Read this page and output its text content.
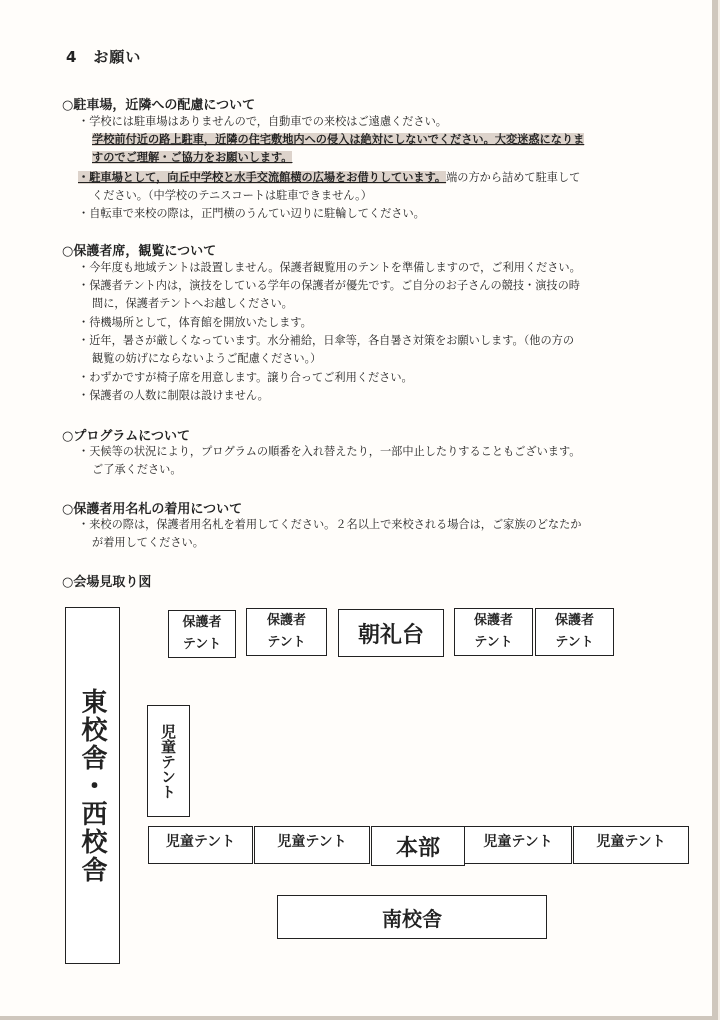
4　お願い
○駐車場，近隣への配慮について
・学校には駐車場はありませんので，自動車での来校はご遠慮ください。
学校前付近の路上駐車，近隣の住宅敷地内への侵入は絶対にしないでください。大変迷惑になりま
すのでご理解・ご協力をお願いします。
・駐車場として，向丘中学校と水手交流館横の広場をお借りしています。端の方から詰めて駐車して
ください。（中学校のテニスコートは駐車できません。）
・自転車で来校の際は，正門横のうんてい辺りに駐輪してください。
○保護者席，観覧について
・今年度も地域テントは設置しません。保護者観覧用のテントを準備しますので，ご利用ください。
・保護者テント内は，演技をしている学年の保護者が優先です。ご自分のお子さんの競技・演技の時
間に，保護者テントへお越しください。
・待機場所として，体育館を開放いたします。
・近年，暑さが厳しくなっています。水分補給，日傘等，各自暑さ対策をお願いします。（他の方の
観覧の妨げにならないようご配慮ください。）
・わずかですが椅子席を用意します。譲り合ってご利用ください。
・保護者の人数に制限は設けません。
○プログラムについて
・天候等の状況により，プログラムの順番を入れ替えたり，一部中止したりすることもございます。
ご了承ください。
○保護者用名札の着用について
・来校の際は，保護者用名札を着用してください。２名以上で来校される場合は，ご家族のどなたか
が着用してください。
○会場見取り図
保護者
テント
保護者
テント	朝礼台
保護者
テント
保護者
テント
東校舎・西校舎	児童テント
児童テント	児童テント	本部	児童テント	児童テント
南校舎
